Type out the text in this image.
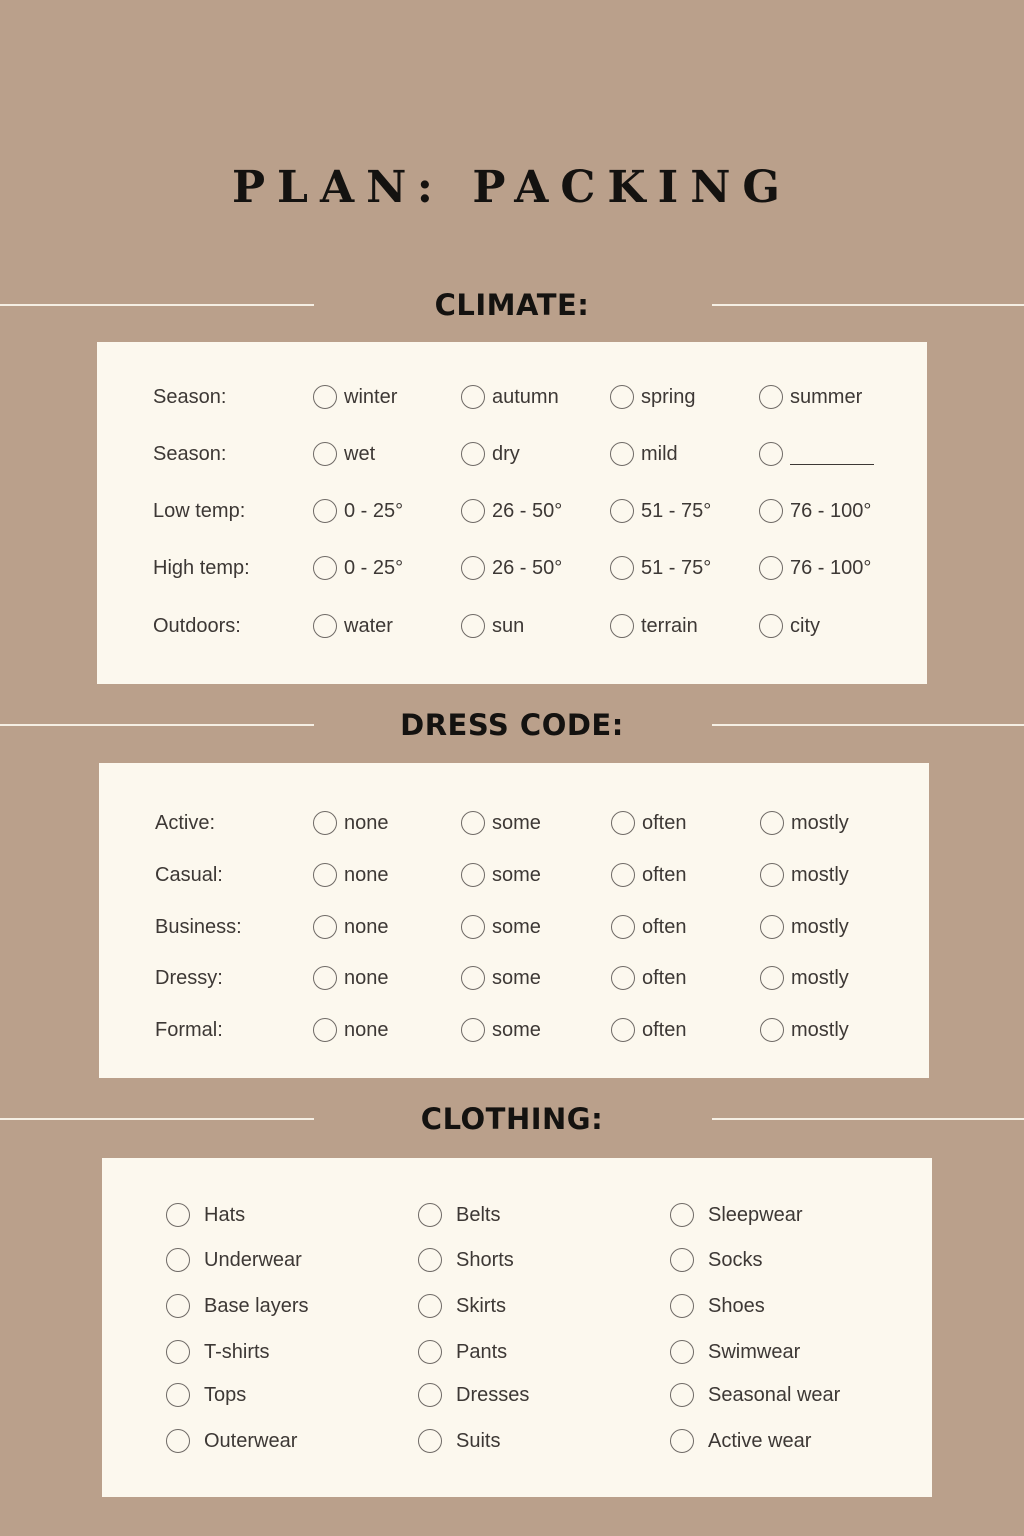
PLAN: PACKING
CLIMATE:
Season:	winter	autumn	spring	summer
Season:	wet	dry	mild
Low temp:	0 - 25°	26 - 50°	51 - 75°	76 - 100°
High temp:	0 - 25°	26 - 50°	51 - 75°	76 - 100°
Outdoors:	water	sun	terrain	city
DRESS CODE:
Active:	none	some	often	mostly
Casual:	none	some	often	mostly
Business:	none	some	often	mostly
Dressy:	none	some	often	mostly
Formal:	none	some	often	mostly
CLOTHING:
Hats
Underwear
Base layers
T-shirts
Tops
Outerwear
Belts
Shorts
Skirts
Pants
Dresses
Suits
Sleepwear
Socks
Shoes
Swimwear
Seasonal wear
Active wear
